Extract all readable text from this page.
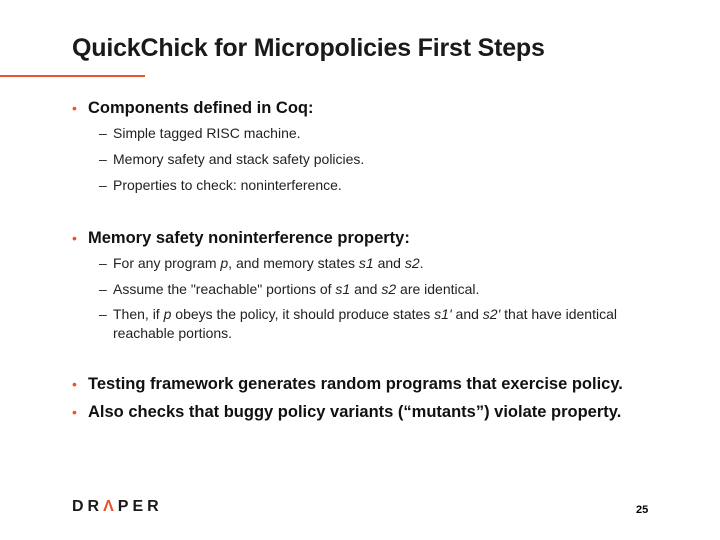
QuickChick for Micropolicies First Steps
• Components defined in Coq:
– Simple tagged RISC machine.
– Memory safety and stack safety policies.
– Properties to check: noninterference.
• Memory safety noninterference property:
– For any program p, and memory states s1 and s2.
– Assume the "reachable" portions of s1 and s2 are identical.
– Then, if p obeys the policy, it should produce states s1' and s2' that have identical reachable portions.
• Testing framework generates random programs that exercise policy.
• Also checks that buggy policy variants (“mutants”) violate property.
DRΛPER	25
